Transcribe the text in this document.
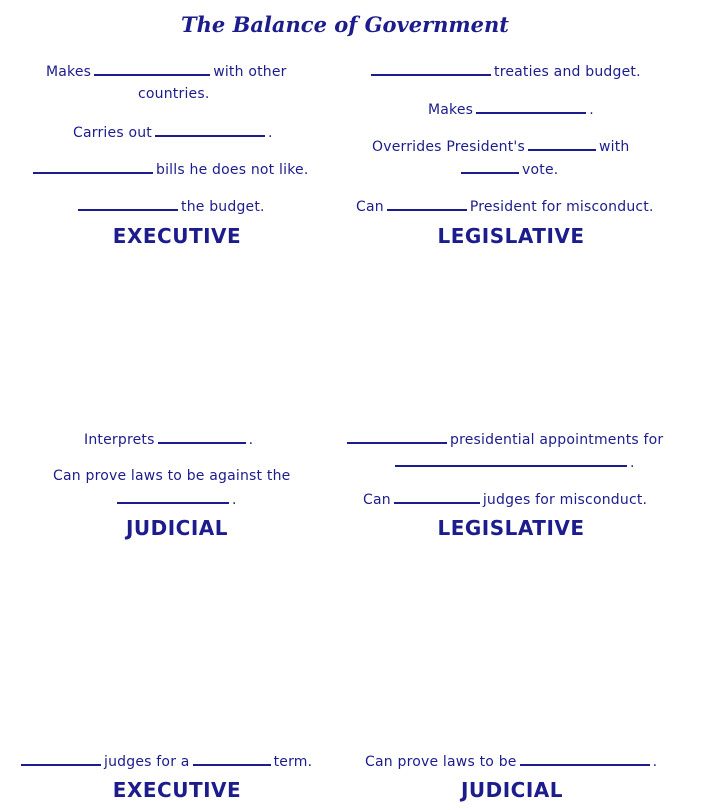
The Balance of Government

Makes	with other

countries.

Carries out	.

bills he does not like.

the budget.

EXECUTIVE

treaties and budget.

Makes	.

Overrides President's	with

vote.

Can	President for misconduct.

LEGISLATIVE

Interprets	.

Can prove laws to be against the

.

JUDICIAL

presidential appointments for

.

Can	judges for misconduct.

LEGISLATIVE

judges for a	term.

EXECUTIVE

Can prove laws to be	.

JUDICIAL
